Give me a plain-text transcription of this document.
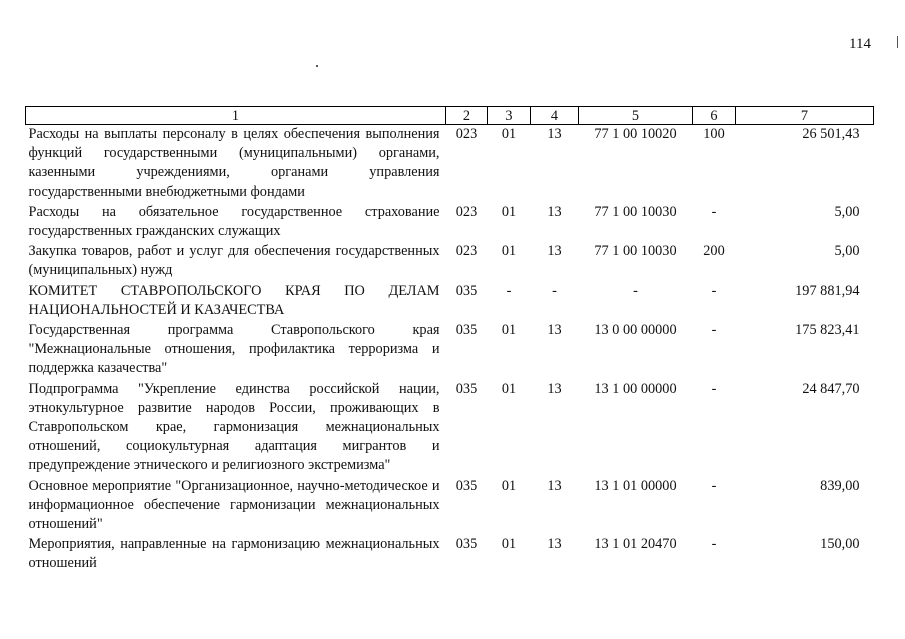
114
1	2	3	4	5	6	7
Расходы на выплаты персоналу в целях обеспечения выполнения функций государственными (муниципальными) органами, казенными учреждениями, органами управления государственными внебюджетными фондами	023	01	13	77 1 00 10020	100	26 501,43
Расходы на обязательное государственное страхование государственных гражданских служащих	023	01	13	77 1 00 10030	-	5,00
Закупка товаров, работ и услуг для обеспечения государственных (муниципальных) нужд	023	01	13	77 1 00 10030	200	5,00
КОМИТЕТ СТАВРОПОЛЬСКОГО КРАЯ ПО ДЕЛАМ НАЦИОНАЛЬНОСТЕЙ И КАЗАЧЕСТВА	035	-	-	-	-	197 881,94
Государственная программа Ставропольского края "Межнациональные отношения, профилактика терроризма и поддержка казачества"	035	01	13	13 0 00 00000	-	175 823,41
Подпрограмма "Укрепление единства российской нации, этнокультурное развитие народов России, проживающих в Ставропольском крае, гармонизация межнациональных отношений, социокультурная адаптация мигрантов и предупреждение этнического и религиозного экстремизма"	035	01	13	13 1 00 00000	-	24 847,70
Основное мероприятие "Организационное, научно-методическое и информационное обеспечение гармонизации межнациональных отношений"	035	01	13	13 1 01 00000	-	839,00
Мероприятия, направленные на гармонизацию межнациональных отношений	035	01	13	13 1 01 20470	-	150,00
